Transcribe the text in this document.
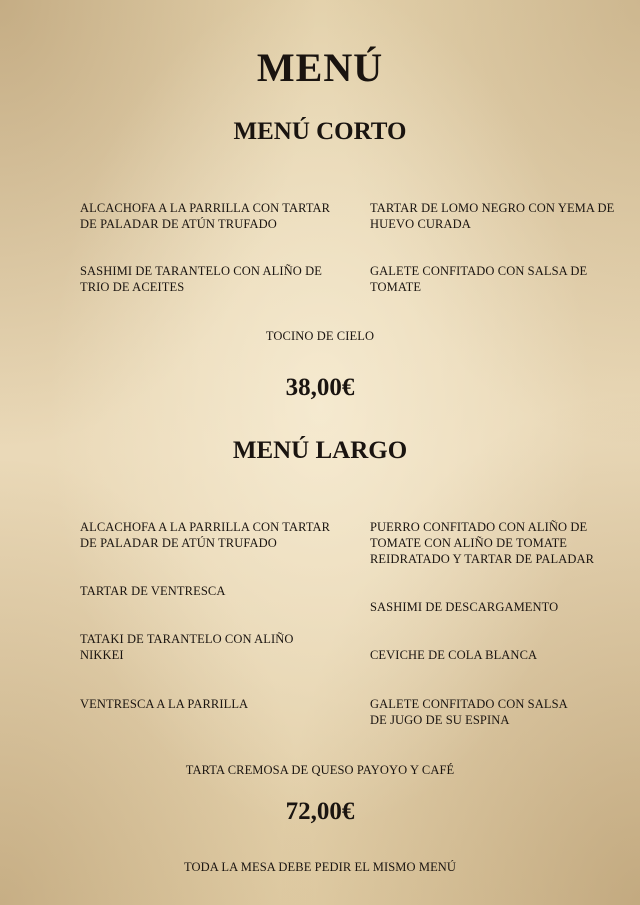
MENÚ
MENÚ CORTO
ALCACHOFA A LA PARRILLA CON TARTAR DE PALADAR DE ATÚN TRUFADO
TARTAR DE LOMO NEGRO CON YEMA DE HUEVO CURADA
SASHIMI DE TARANTELO CON ALIÑO DE TRIO DE ACEITES
GALETE CONFITADO CON SALSA DE TOMATE
TOCINO DE CIELO
38,00€
MENÚ LARGO
ALCACHOFA A LA PARRILLA CON TARTAR DE PALADAR DE ATÚN TRUFADO
PUERRO CONFITADO CON ALIÑO DE TOMATE CON ALIÑO DE TOMATE REIDRATADO Y TARTAR DE PALADAR
TARTAR DE VENTRESCA
SASHIMI DE DESCARGAMENTO
TATAKI DE TARANTELO CON ALIÑO NIKKEI	CEVICHE DE COLA BLANCA
VENTRESCA A LA PARRILLA	GALETE CONFITADO CON SALSA DE JUGO DE SU ESPINA
TARTA CREMOSA DE QUESO PAYOYO Y CAFÉ
72,00€
TODA LA MESA DEBE PEDIR EL MISMO MENÚ
